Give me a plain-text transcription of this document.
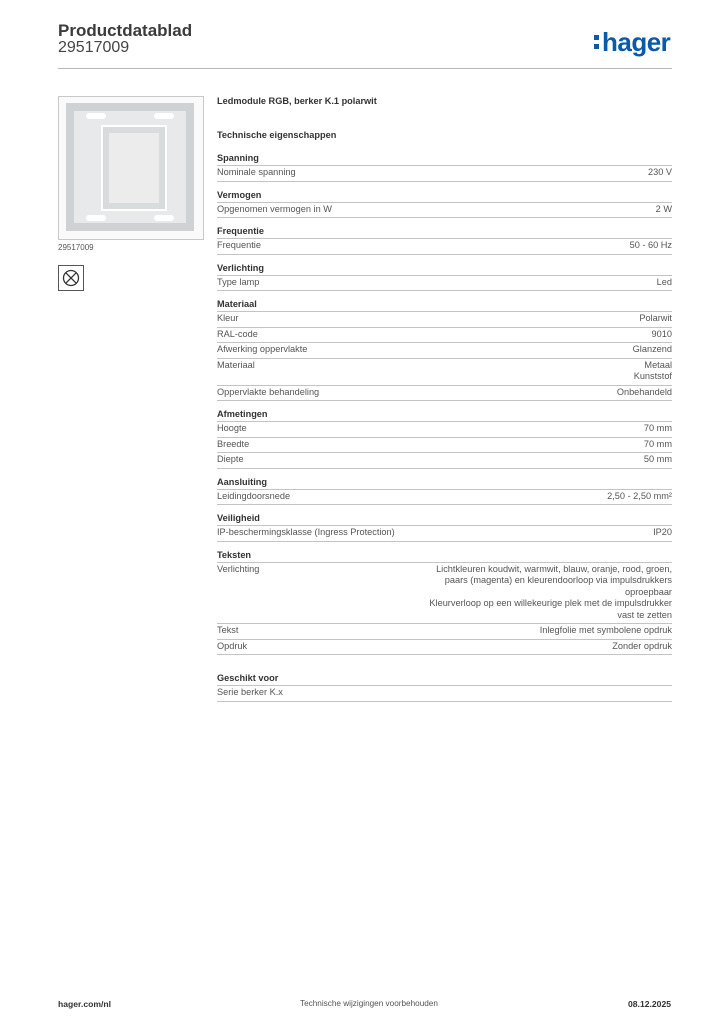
Productdatablad
29517009	hager
29517009
Ledmodule RGB, berker K.1 polarwit
Technische eigenschappen
Spanning
Nominale spanning	230 V
Vermogen
Opgenomen vermogen in W	2 W
Frequentie
Frequentie	50 - 60 Hz
Verlichting
Type lamp	Led
Materiaal
Kleur	Polarwit
RAL-code	9010
Afwerking oppervlakte	Glanzend
Materiaal	Metaal
Kunststof
Oppervlakte behandeling	Onbehandeld
Afmetingen
Hoogte	70 mm
Breedte	70 mm
Diepte	50 mm
Aansluiting
Leidingdoorsnede	2,50 - 2,50 mm²
Veiligheid
IP-beschermingsklasse (Ingress Protection)	IP20
Teksten
Verlichting	Lichtkleuren koudwit, warmwit, blauw, oranje, rood, groen,
paars (magenta) en kleurendoorloop via impulsdrukkers
oproepbaar
Kleurverloop op een willekeurige plek met de impulsdrukker
vast te zetten
Tekst	Inlegfolie met symbolene opdruk
Opdruk	Zonder opdruk
Geschikt voor
Serie berker K.x
hager.com/nl	Technische wijzigingen voorbehouden	08.12.2025
